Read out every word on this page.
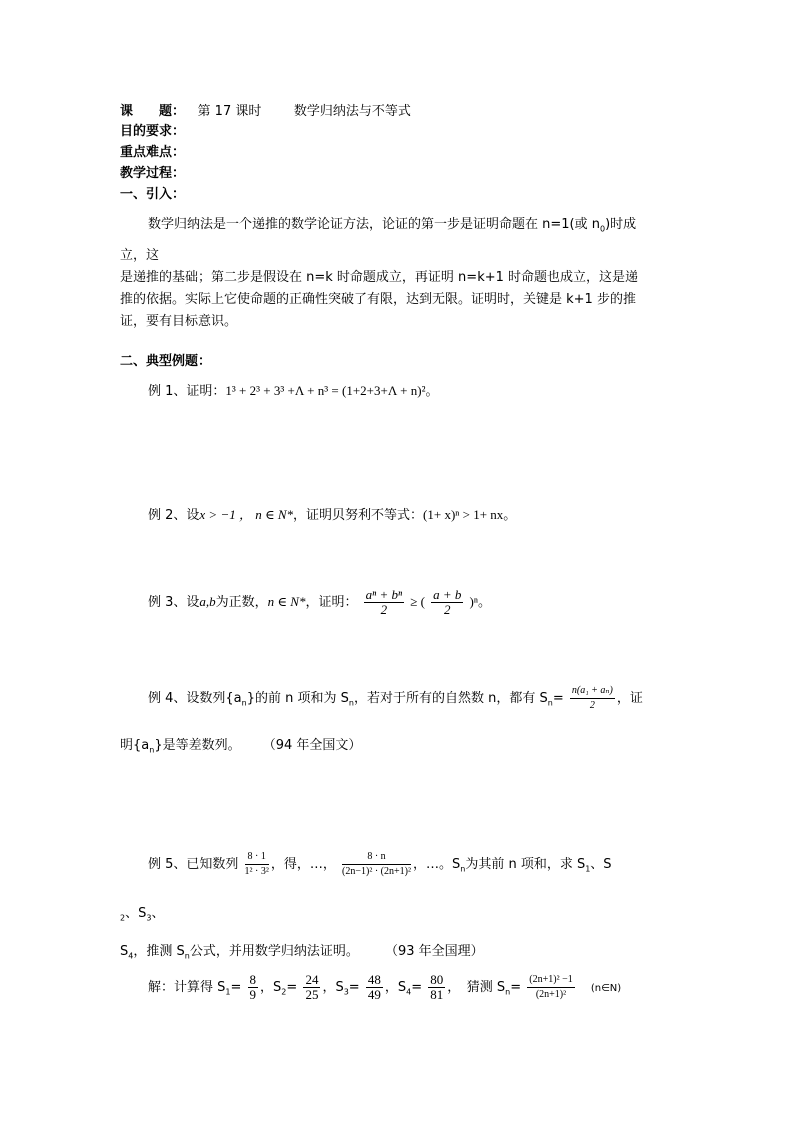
课　　题： 第 17 课时	数学归纳法与不等式
目的要求：
重点难点：
教学过程：
一、引入：
数学归纳法是一个递推的数学论证方法，论证的第一步是证明命题在 n=1(或 $n_0$)时成
立，这
是递推的基础；第二步是假设在 n=k 时命题成立，再证明 n=k+1 时命题也成立，这是递
推的依据。实际上它使命题的正确性突破了有限，达到无限。证明时，关键是 k+1 步的推
证，要有目标意识。
二、典型例题：
例 1、证明：1³ + 2³ + 3³ +Λ + n³ = (1+2+3+Λ + n)²。
例 2、设x > −1 ， n ∈ N*，证明贝努利不等式：(1+ x)ⁿ > 1+ nx。
例 3、设a,b为正数，n ∈ N*，证明： $\frac{\text{aⁿ + bⁿ}}{2}$ ≥ ( $\frac{a + b}{2} )^n$。
例 4、设数列$\{a_n\}$的前 n 项和为 $S_n$，若对于所有的自然数 n，都有 $S_n= \frac{\text{n(a₁ + aₙ)}}{2}$ ，证
明$\{a_n\}$是等差数列。 （94 年全国文）
例 5、已知数列 $\frac{8 \cdot 1}{\text{1² · 3²}}$ ，得，…， $\frac{8 \cdot n}{\text{(2n−1)² · (2n+1)²}}$ ，…。$S_n$为其前 n 项和，求 $S_1$、S
$_2$、$S_3$、
$S_4$，推测 $S_n$公式，并用数学归纳法证明。 （93 年全国理）
解：计算得 $S_1= \frac{8}{9}$ ，$S_2= \frac{24}{25}$ ，$S_3= \frac{48}{49}$ ，$S_4= \frac{80}{81}$ ，　猜测 $S_n= \frac{\text{(2n+1)² −1}}{\text{(2n+1)²}}$ (n∈N)
